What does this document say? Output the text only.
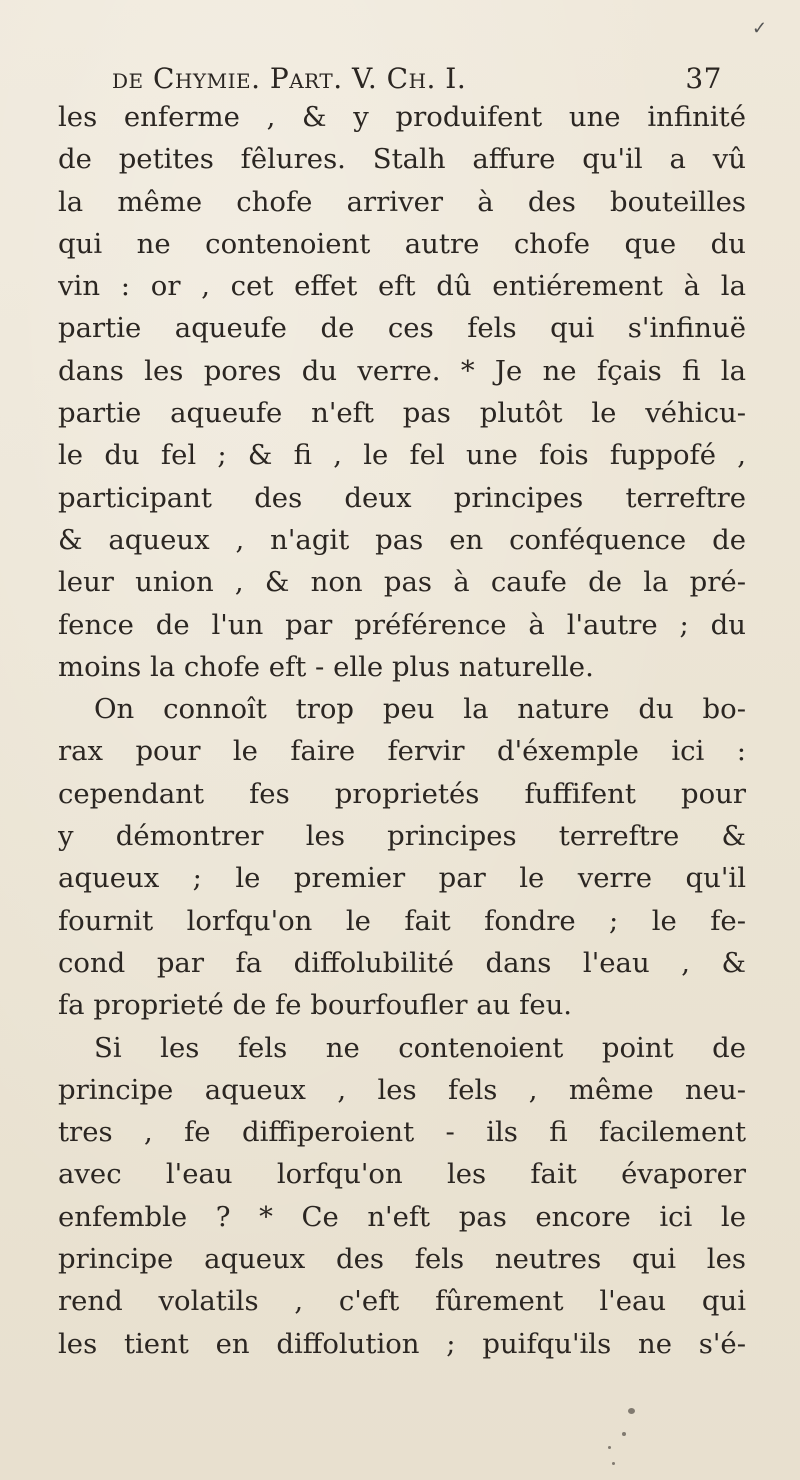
de Chymie. Part. V. Ch. I.	37
les enferme , & y produifent une infinité
de petites fêlures. Stalh affure qu'il a vû
la même chofe arriver à des bouteilles
qui ne contenoient autre chofe que du
vin : or , cet effet eft dû entiérement à la
partie aqueufe de ces fels qui s'infinuë
dans les pores du verre. * Je ne fçais fi la
partie aqueufe n'eft pas plutôt le véhicu-
le du fel ; & fi , le fel une fois fuppofé ,
participant des deux principes terreftre
& aqueux , n'agit pas en conféquence de
leur union , & non pas à caufe de la pré-
fence de l'un par préférence à l'autre ; du
moins la chofe eft - elle plus naturelle.
On connoît trop peu la nature du bo-
rax pour le faire fervir d'éxemple ici :
cependant fes proprietés fuffifent pour
y démontrer les principes terreftre &
aqueux ; le premier par le verre qu'il
fournit lorfqu'on le fait fondre ; le fe-
cond par fa diffolubilité dans l'eau , &
fa proprieté de fe bourfoufler au feu.
Si les fels ne contenoient point de
principe aqueux , les fels , même neu-
tres , fe diffiperoient - ils fi facilement
avec l'eau lorfqu'on les fait évaporer
enfemble ? * Ce n'eft pas encore ici le
principe aqueux des fels neutres qui les
rend volatils , c'eft fûrement l'eau qui
les tient en diffolution ; puifqu'ils ne s'é-
✓
